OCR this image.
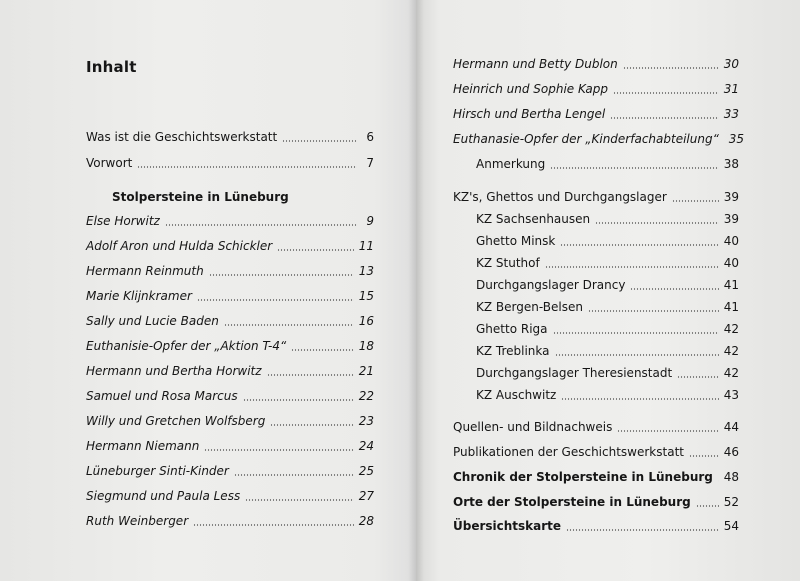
Inhalt
Was ist die Geschichtswerkstatt	6
Vorwort	7
Stolpersteine in Lüneburg
Else Horwitz	9
Adolf Aron und Hulda Schickler	11
Hermann Reinmuth	13
Marie Klijnkramer	15
Sally und Lucie Baden	16
Euthanisie-Opfer der „Aktion T-4“	18
Hermann und Bertha Horwitz	21
Samuel und Rosa Marcus	22
Willy und Gretchen Wolfsberg	23
Hermann Niemann	24
Lüneburger Sinti-Kinder	25
Siegmund und Paula Less	27
Ruth Weinberger	28
Hermann und Betty Dublon	30
Heinrich und Sophie Kapp	31
Hirsch und Bertha Lengel	33
Euthanasie-Opfer der „Kinderfachabteilung“ 35
Anmerkung	38
KZ's, Ghettos und Durchgangslager	39
KZ Sachsenhausen	39
Ghetto Minsk	40
KZ Stuthof	40
Durchgangslager Drancy	41
KZ Bergen-Belsen	41
Ghetto Riga	42
KZ Treblinka	42
Durchgangslager Theresienstadt	42
KZ Auschwitz	43
Quellen- und Bildnachweis	44
Publikationen der Geschichtswerkstatt	46
Chronik der Stolpersteine in Lüneburg 48
Orte der Stolpersteine in Lüneburg	52
Übersichtskarte	54
